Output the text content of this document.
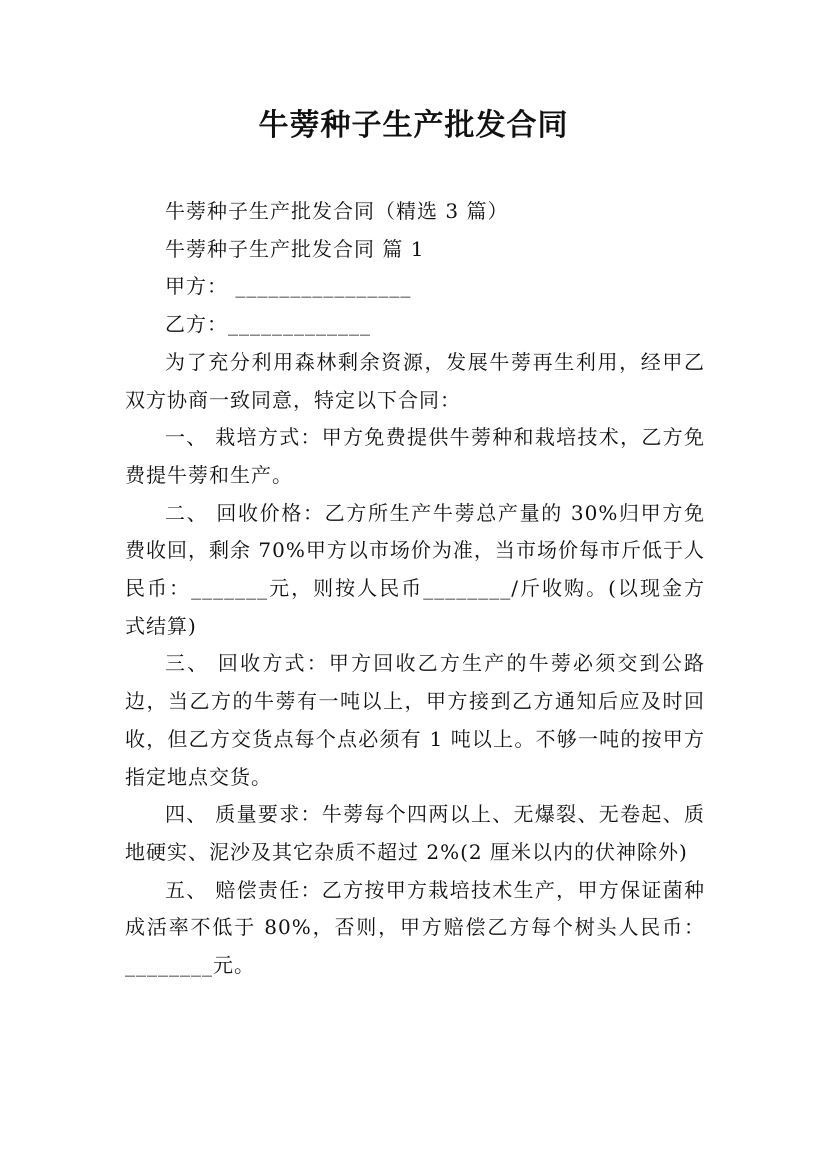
牛蒡种子生产批发合同

牛蒡种子生产批发合同（精选 3 篇）

牛蒡种子生产批发合同 篇 1

甲方： ________________

乙方：_____________

为了充分利用森林剩余资源，发展牛蒡再生利用，经甲乙双方协商一致同意，特定以下合同：

一、 栽培方式：甲方免费提供牛蒡种和栽培技术，乙方免费提牛蒡和生产。

二、 回收价格：乙方所生产牛蒡总产量的 30%归甲方免费收回，剩余 70%甲方以市场价为准，当市场价每市斤低于人民币：_______元，则按人民币________/斤收购。(以现金方式结算)

三、 回收方式：甲方回收乙方生产的牛蒡必须交到公路边，当乙方的牛蒡有一吨以上，甲方接到乙方通知后应及时回收，但乙方交货点每个点必须有 1 吨以上。不够一吨的按甲方指定地点交货。

四、 质量要求：牛蒡每个四两以上、无爆裂、无卷起、质地硬实、泥沙及其它杂质不超过 2%(2 厘米以内的伏神除外)

五、 赔偿责任：乙方按甲方栽培技术生产，甲方保证菌种成活率不低于 80%，否则，甲方赔偿乙方每个树头人民币：________元。
